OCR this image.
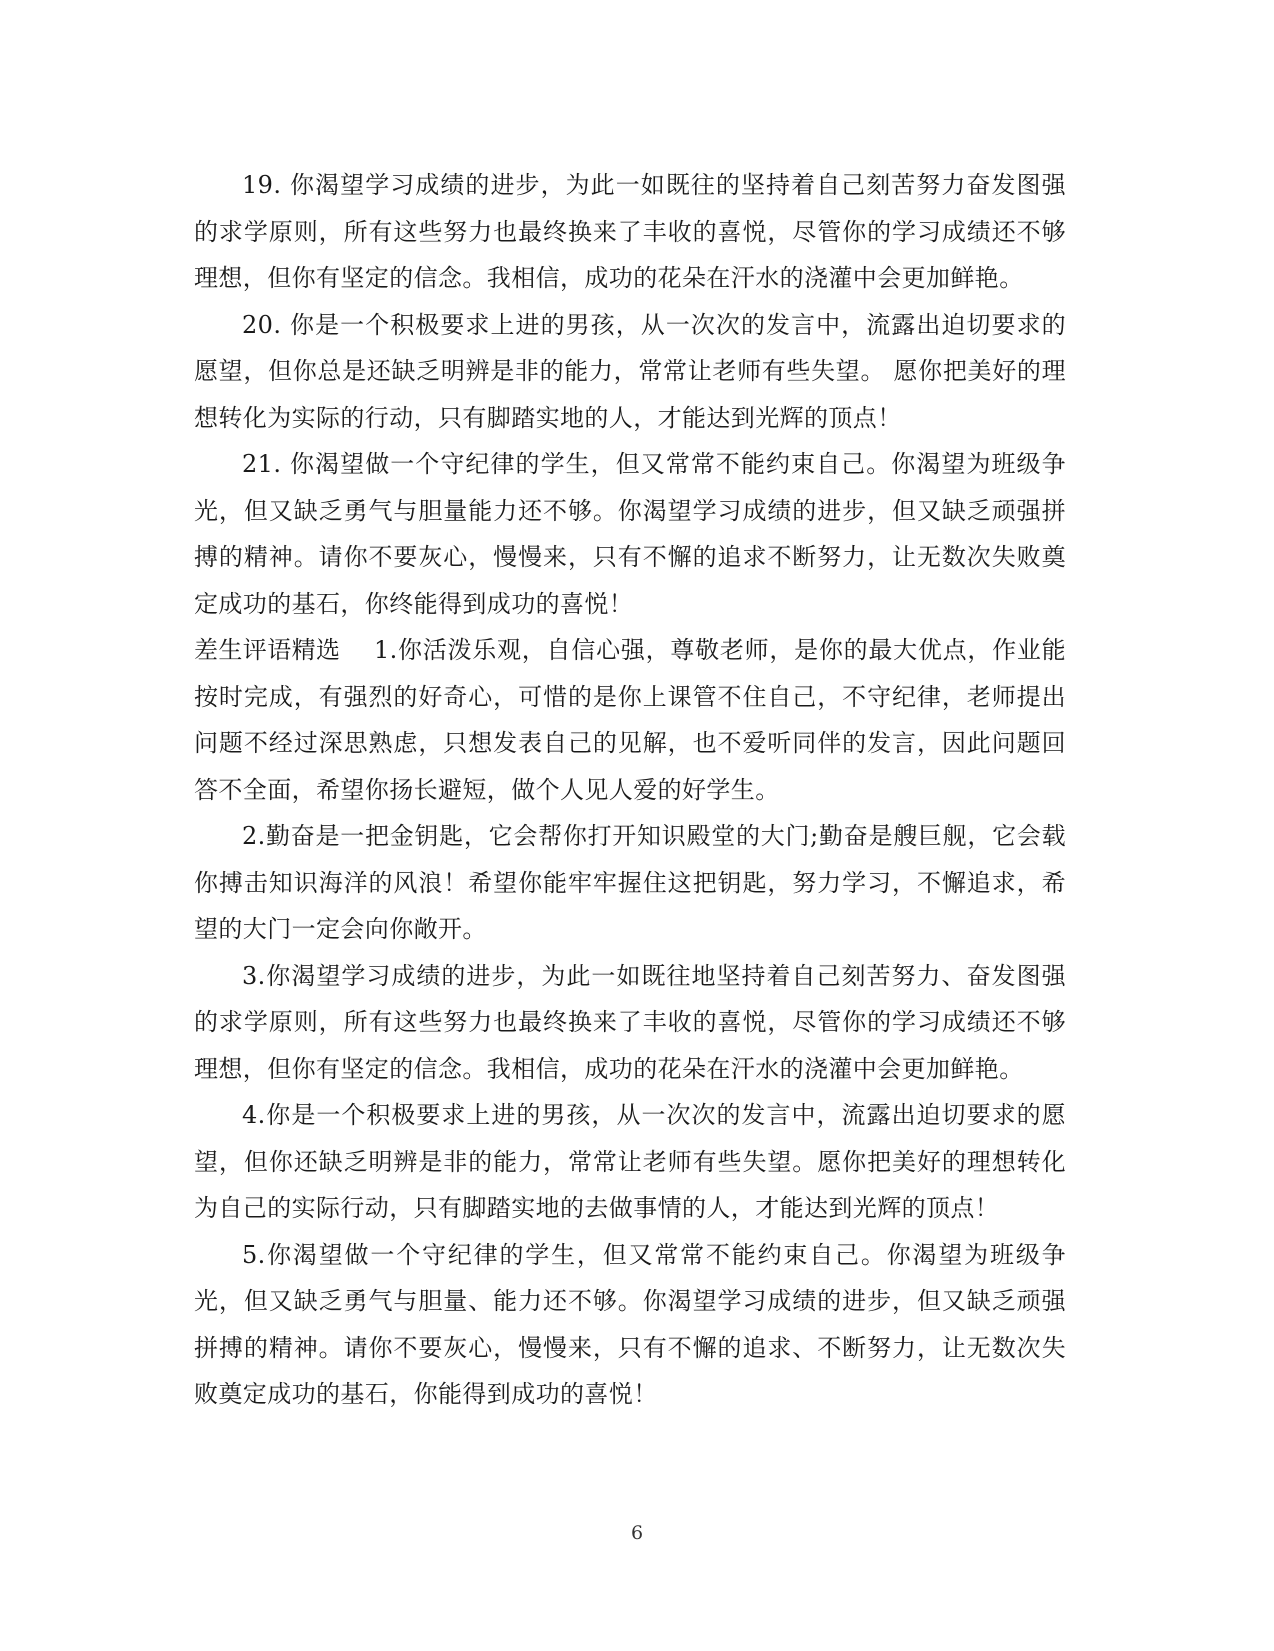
19. 你渴望学习成绩的进步，为此一如既往的坚持着自己刻苦努力奋发图强的求学原则，所有这些努力也最终换来了丰收的喜悦，尽管你的学习成绩还不够理想，但你有坚定的信念。我相信，成功的花朵在汗水的浇灌中会更加鲜艳。

20. 你是一个积极要求上进的男孩，从一次次的发言中，流露出迫切要求的愿望，但你总是还缺乏明辨是非的能力，常常让老师有些失望。 愿你把美好的理想转化为实际的行动，只有脚踏实地的人，才能达到光辉的顶点！

21. 你渴望做一个守纪律的学生，但又常常不能约束自己。你渴望为班级争光，但又缺乏勇气与胆量能力还不够。你渴望学习成绩的进步，但又缺乏顽强拼搏的精神。请你不要灰心，慢慢来，只有不懈的追求不断努力，让无数次失败奠定成功的基石，你终能得到成功的喜悦！

差生评语精选 1.你活泼乐观，自信心强，尊敬老师，是你的最大优点，作业能按时完成，有强烈的好奇心，可惜的是你上课管不住自己，不守纪律，老师提出问题不经过深思熟虑，只想发表自己的见解，也不爱听同伴的发言，因此问题回答不全面，希望你扬长避短，做个人见人爱的好学生。

2.勤奋是一把金钥匙，它会帮你打开知识殿堂的大门;勤奋是艘巨舰，它会载你搏击知识海洋的风浪！希望你能牢牢握住这把钥匙，努力学习，不懈追求，希望的大门一定会向你敞开。

3.你渴望学习成绩的进步，为此一如既往地坚持着自己刻苦努力、奋发图强的求学原则，所有这些努力也最终换来了丰收的喜悦，尽管你的学习成绩还不够理想，但你有坚定的信念。我相信，成功的花朵在汗水的浇灌中会更加鲜艳。

4.你是一个积极要求上进的男孩，从一次次的发言中，流露出迫切要求的愿望，但你还缺乏明辨是非的能力，常常让老师有些失望。愿你把美好的理想转化为自己的实际行动，只有脚踏实地的去做事情的人，才能达到光辉的顶点！

5.你渴望做一个守纪律的学生，但又常常不能约束自己。你渴望为班级争光，但又缺乏勇气与胆量、能力还不够。你渴望学习成绩的进步，但又缺乏顽强拼搏的精神。请你不要灰心，慢慢来，只有不懈的追求、不断努力，让无数次失败奠定成功的基石，你能得到成功的喜悦！

6
